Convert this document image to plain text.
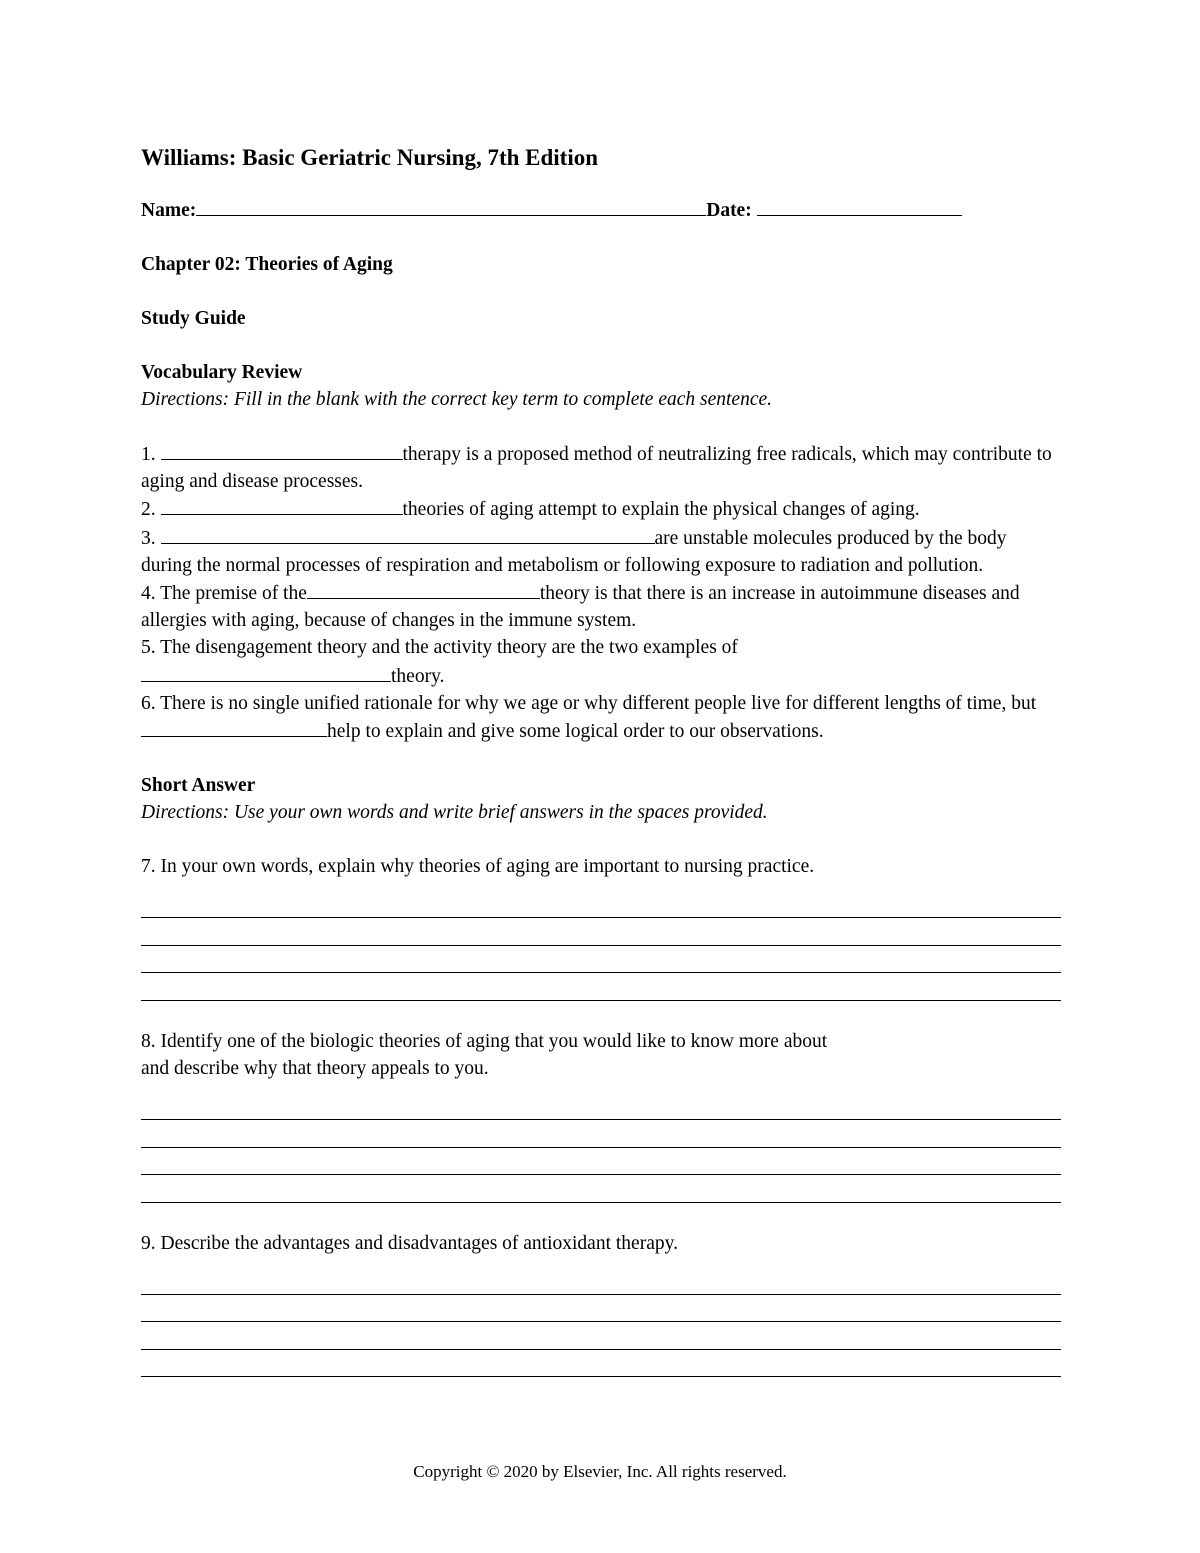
Williams: Basic Geriatric Nursing, 7th Edition
Name:	Date:

Chapter 02: Theories of Aging

Study Guide

Vocabulary Review

Directions: Fill in the blank with the correct key term to complete each sentence.

1.	therapy is a proposed method of neutralizing free radicals, which may contribute to aging and disease processes.

2.	theories of aging attempt to explain the physical changes of aging.

3.	are unstable molecules produced by the body during the normal processes of respiration and metabolism or following exposure to radiation and pollution.

4. The premise of the	theory is that there is an increase in autoimmune diseases and allergies with aging, because of changes in the immune system.

5. The disengagement theory and the activity theory are the two examples of
theory.

6. There is no single unified rationale for why we age or why different people live for different lengths of time, buthelp to explain and give some logical order to our observations.

Short Answer

Directions: Use your own words and write brief answers in the spaces provided.

7. In your own words, explain why theories of aging are important to nursing practice.

8. Identify one of the biologic theories of aging that you would like to know more about
and describe why that theory appeals to you.

9. Describe the advantages and disadvantages of antioxidant therapy.

Copyright © 2020 by Elsevier, Inc. All rights reserved.
